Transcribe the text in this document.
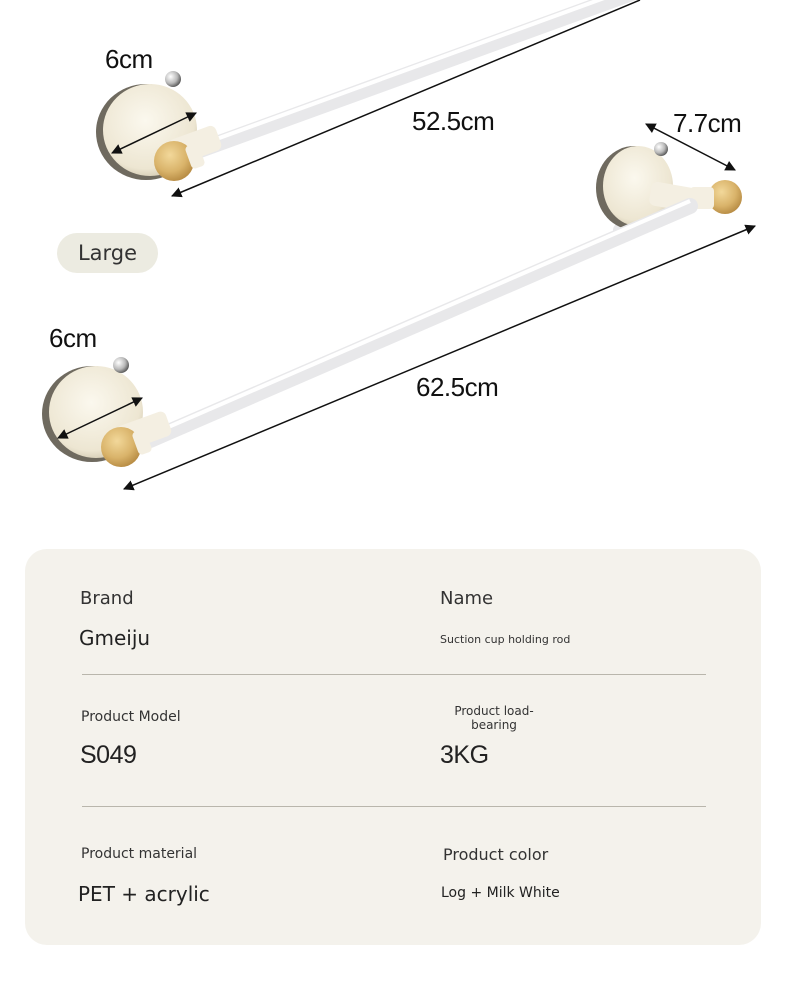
6cm
52.5cm	7.7cm
6cm
62.5cm
Large
Brand
Gmeiju
Name
Suction cup holding rod
Product Model
S049
Product load-
bearing
3KG
Product material
PET + acrylic
Product color
Log + Milk White
